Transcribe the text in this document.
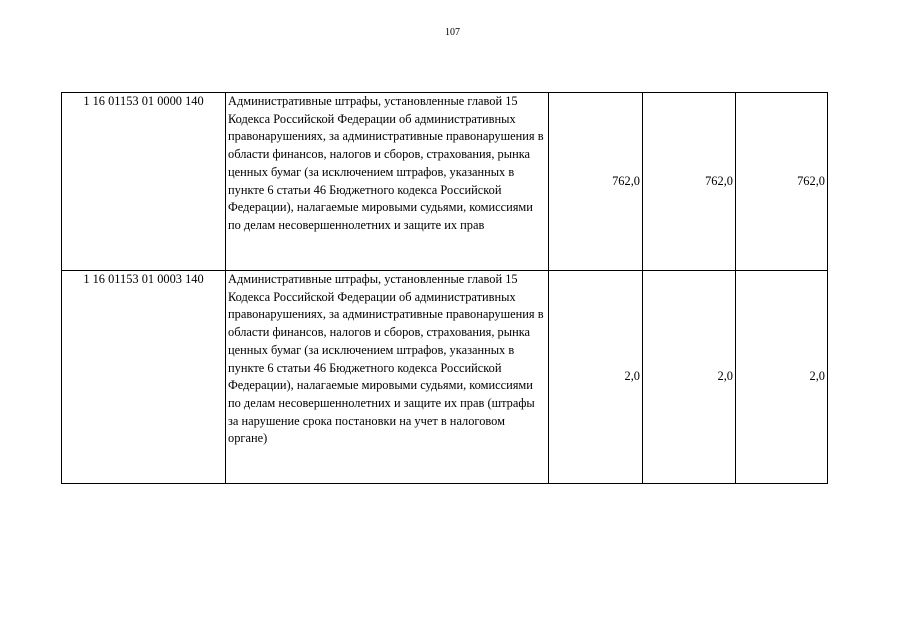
107
1 16 01153 01 0000 140	Административные штрафы, установленные главой 15 Кодекса Российской Федерации об административных правонарушениях, за административные правонарушения в области финансов, налогов и сборов, страхования, рынка ценных бумаг (за исключением штрафов, указанных в пункте 6 статьи 46 Бюджетного кодекса Российской Федерации), налагаемые мировыми судьями, комиссиями по делам несовершеннолетних и защите их прав	762,0	762,0	762,0
1 16 01153 01 0003 140	Административные штрафы, установленные главой 15 Кодекса Российской Федерации об административных правонарушениях, за административные правонарушения в области финансов, налогов и сборов, страхования, рынка ценных бумаг (за исключением штрафов, указанных в пункте 6 статьи 46 Бюджетного кодекса Российской Федерации), налагаемые мировыми судьями, комиссиями по делам несовершеннолетних и защите их прав (штрафы за нарушение срока постановки на учет в налоговом органе)	2,0	2,0	2,0
